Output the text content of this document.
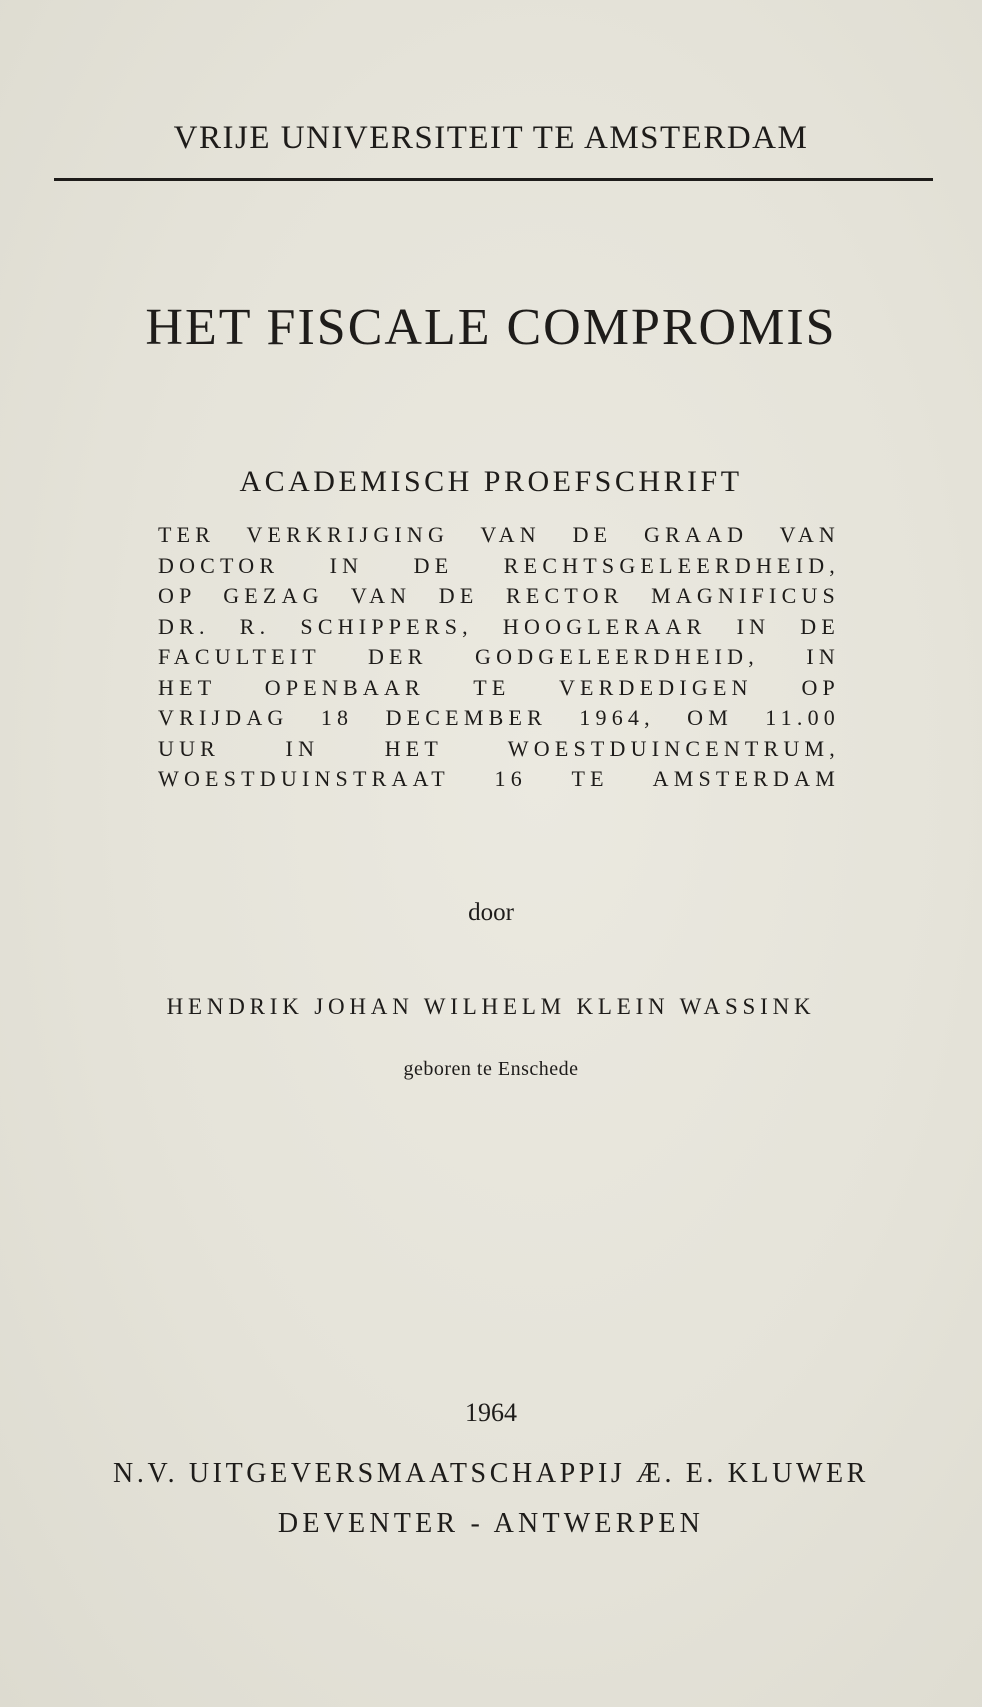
VRIJE UNIVERSITEIT TE AMSTERDAM
HET FISCALE COMPROMIS
ACADEMISCH PROEFSCHRIFT
TER VERKRIJGING VAN DE GRAAD VAN
DOCTOR IN DE RECHTSGELEERDHEID,
OP GEZAG VAN DE RECTOR MAGNIFICUS
DR. R. SCHIPPERS, HOOGLERAAR IN DE
FACULTEIT DER GODGELEERDHEID, IN
HET OPENBAAR TE VERDEDIGEN OP
VRIJDAG 18 DECEMBER 1964, OM 11.00
UUR IN HET WOESTDUINCENTRUM,
WOESTDUINSTRAAT 16 TE AMSTERDAM
door
HENDRIK JOHAN WILHELM KLEIN WASSINK
geboren te Enschede
1964
N.V. UITGEVERSMAATSCHAPPIJ Æ. E. KLUWER
DEVENTER - ANTWERPEN
